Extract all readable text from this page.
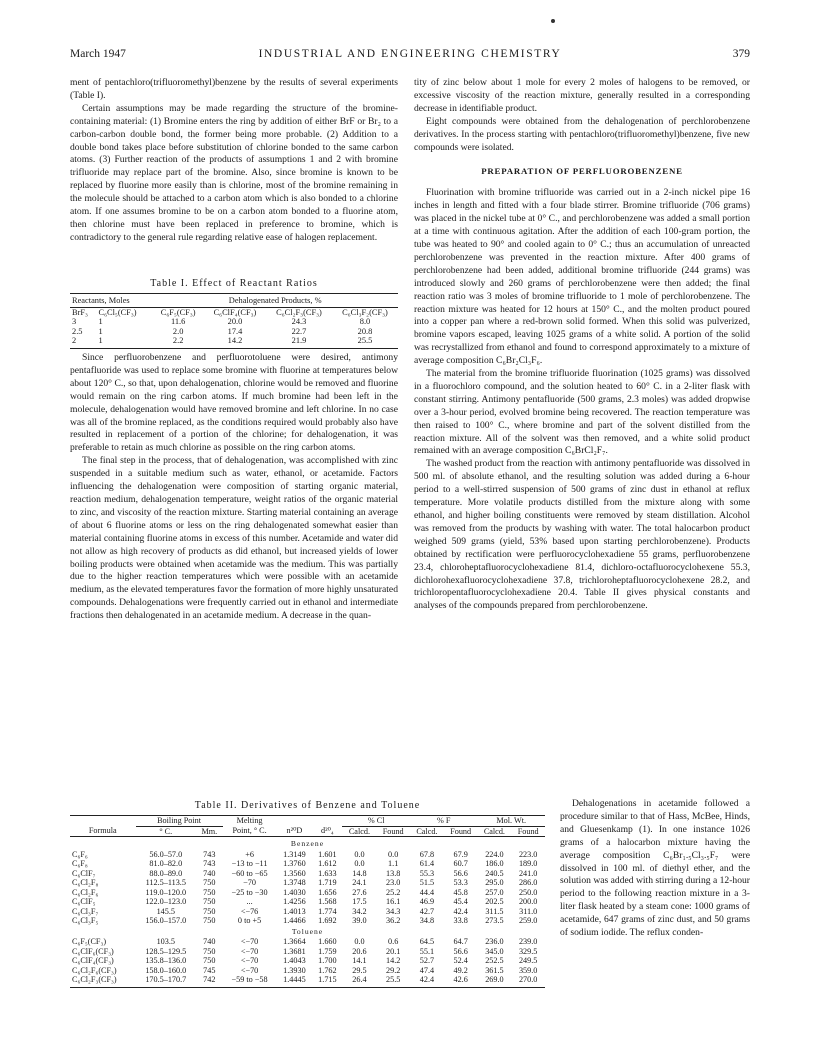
March 1947	INDUSTRIAL AND ENGINEERING CHEMISTRY	379

ment of pentachloro(trifluoromethyl)benzene by the results of several experiments (Table I).

Certain assumptions may be made regarding the structure of the bromine-containing material: (1) Bromine enters the ring by addition of either BrF or Br₂ to a carbon-carbon double bond, the former being more probable. (2) Addition to a double bond takes place before substitution of chlorine bonded to the same carbon atoms. (3) Further reaction of the products of assumptions 1 and 2 with bromine trifluoride may replace part of the bromine. Also, since bromine is known to be replaced by fluorine more easily than is chlorine, most of the bromine remaining in the molecule should be attached to a carbon atom which is also bonded to a chlorine atom. If one assumes bromine to be on a carbon atom bonded to a fluorine atom, then chlorine must have been replaced in preference to bromine, which is contradictory to the general rule regarding relative ease of halogen replacement.

Table I. Effect of Reactant Ratios
Reactants, Moles		Dehalogenated Products, %			
BrF₃	C₆Cl₅(CF₃)	C₆F₅(CF₃)	C₆ClF₄(CF₃)	C₆Cl₂F₃(CF₃)	C₆Cl₃F₂(CF₃)
3	1	11.6	20.0	24.3	8.0
2.5	1	2.0	17.4	22.7	20.8
2	1	2.2	14.2	21.9	25.5

Since perfluorobenzene and perfluorotoluene were desired, antimony pentafluoride was used to replace some bromine with fluorine at temperatures below about 120° C., so that, upon dehalogenation, chlorine would be removed and fluorine would remain on the ring carbon atoms. If much bromine had been left in the molecule, dehalogenation would have removed bromine and left chlorine. In no case was all of the bromine replaced, as the conditions required would probably also have resulted in replacement of a portion of the chlorine; for dehalogenation, it was preferable to retain as much chlorine as possible on the ring carbon atoms.

The final step in the process, that of dehalogenation, was accomplished with zinc suspended in a suitable medium such as water, ethanol, or acetamide. Factors influencing the dehalogenation were composition of starting organic material, reaction medium, dehalogenation temperature, weight ratios of the organic material to zinc, and viscosity of the reaction mixture. Starting material containing an average of about 6 fluorine atoms or less on the ring dehalogenated somewhat easier than material containing fluorine atoms in excess of this number. Acetamide and water did not allow as high recovery of products as did ethanol, but increased yields of lower boiling products were obtained when acetamide was the medium. This was partially due to the higher reaction temperatures which were possible with an acetamide medium, as the elevated temperatures favor the formation of more highly unsaturated compounds. Dehalogenations were frequently carried out in ethanol and intermediate fractions then dehalogenated in an acetamide medium. A decrease in the quan-

tity of zinc below about 1 mole for every 2 moles of halogens to be removed, or excessive viscosity of the reaction mixture, generally resulted in a corresponding decrease in identifiable product.

Eight compounds were obtained from the dehalogenation of perchlorobenzene derivatives. In the process starting with pentachloro(trifluoromethyl)benzene, five new compounds were isolated.

PREPARATION OF PERFLUOROBENZENE

Fluorination with bromine trifluoride was carried out in a 2-inch nickel pipe 16 inches in length and fitted with a four blade stirrer. Bromine trifluoride (706 grams) was placed in the nickel tube at 0° C., and perchlorobenzene was added a small portion at a time with continuous agitation. After the addition of each 100-gram portion, the tube was heated to 90° and cooled again to 0° C.; thus an accumulation of unreacted perchlorobenzene was prevented in the reaction mixture. After 400 grams of perchlorobenzene had been added, additional bromine trifluoride (244 grams) was introduced slowly and 260 grams of perchlorobenzene were then added; the final reaction ratio was 3 moles of bromine trifluoride to 1 mole of perchlorobenzene. The reaction mixture was heated for 12 hours at 150° C., and the molten product poured into a copper pan where a red-brown solid formed. When this solid was pulverized, bromine vapors escaped, leaving 1025 grams of a white solid. A portion of the solid was recrystallized from ethanol and found to correspond approximately to a mixture of average composition C₆Br₂Cl₃F₆.

The material from the bromine trifluoride fluorination (1025 grams) was dissolved in a fluorochloro compound, and the solution heated to 60° C. in a 2-liter flask with constant stirring. Antimony pentafluoride (500 grams, 2.3 moles) was added dropwise over a 3-hour period, evolved bromine being recovered. The reaction temperature was then raised to 100° C., where bromine and part of the solvent distilled from the reaction mixture. All of the solvent was then removed, and a white solid product remained with an average composition C₆BrCl₂F₇.

The washed product from the reaction with antimony pentafluoride was dissolved in 500 ml. of absolute ethanol, and the resulting solution was added during a 6-hour period to a well-stirred suspension of 500 grams of zinc dust in ethanol at reflux temperature. More volatile products distilled from the mixture along with some ethanol, and higher boiling constituents were removed by steam distillation. Alcohol was removed from the products by washing with water. The total halocarbon product weighed 509 grams (yield, 53% based upon starting perchlorobenzene). Products obtained by rectification were perfluorocyclohexadiene 55 grams, perfluorobenzene 23.4, chloroheptafluorocyclohexadiene 81.4, dichloro-octafluorocyclohexene 55.3, dichlorohexafluorocyclohexadiene 37.8, trichloroheptafluorocyclohexene 28.2, and trichloropentafluorocyclohexadiene 20.4. Table II gives physical constants and analyses of the compounds prepared from perchlorobenzene.

Dehalogenations in acetamide followed a procedure similar to that of Hass, McBee, Hinds, and Gluesenkamp (1). In one instance 1026 grams of a halocarbon mixture having the average composition C₆Br₁.₅Cl₃.₅F₇ were dissolved in 100 ml. of diethyl ether, and the solution was added with stirring during a 12-hour period to the following reaction mixture in a 3-liter flask heated by a steam cone: 1000 grams of acetamide, 647 grams of zinc dust, and 50 grams of sodium iodide. The reflux conden-

Table II. Derivatives of Benzene and Toluene
	Boiling Point		Melting			% Cl		% F		Mol. Wt.	
Formula	° C.	Mm.	Point, ° C.	n²⁰D	d²⁰₄	Calcd.	Found	Calcd.	Found	Calcd.	Found

Benzene											
C₆F₆	56.0–57.0	743	+6	1.3149	1.601	0.0	0.0	67.8	67.9	224.0	223.0
C₆F₈	81.0–82.0	743	−13 to −11	1.3760	1.612	0.0	1.1	61.4	60.7	186.0	189.0
C₆ClF₇	88.0–89.0	740	−60 to −65	1.3560	1.633	14.8	13.8	55.3	56.6	240.5	241.0
C₆Cl₂F₈	112.5–113.5	750	−70	1.3748	1.719	24.1	23.0	51.5	53.3	295.0	286.0
C₆Cl₂F₆	119.0–120.0	750	−25 to −30	1.4030	1.656	27.6	25.2	44.4	45.8	257.0	250.0
C₆ClF₅	122.0–123.0	750	...	1.4256	1.568	17.5	16.1	46.9	45.4	202.5	200.0
C₆Cl₃F₇	145.5	750	<−76	1.4013	1.774	34.2	34.3	42.7	42.4	311.5	311.0
C₆Cl₃F₅	156.0–157.0	750	0 to +5	1.4466	1.692	39.0	36.2	34.8	33.8	273.5	259.0
Toluene											
C₆F₅(CF₃)	103.5	740	<−70	1.3664	1.660	0.0	0.6	64.5	64.7	236.0	239.0
C₆ClF₆(CF₃)	128.5–129.5	750	<−70	1.3681	1.759	20.6	20.1	55.1	56.6	345.0	329.5
C₆ClF₄(CF₃)	135.8–136.0	750	<−70	1.4043	1.700	14.1	14.2	52.7	52.4	252.5	249.5
C₆Cl₂F₆(CF₃)	158.0–160.0	745	<−70	1.3930	1.762	29.5	29.2	47.4	49.2	361.5	359.0
C₆Cl₂F₃(CF₃)	170.5–170.7	742	−59 to −58	1.4445	1.715	26.4	25.5	42.4	42.6	269.0	270.0
